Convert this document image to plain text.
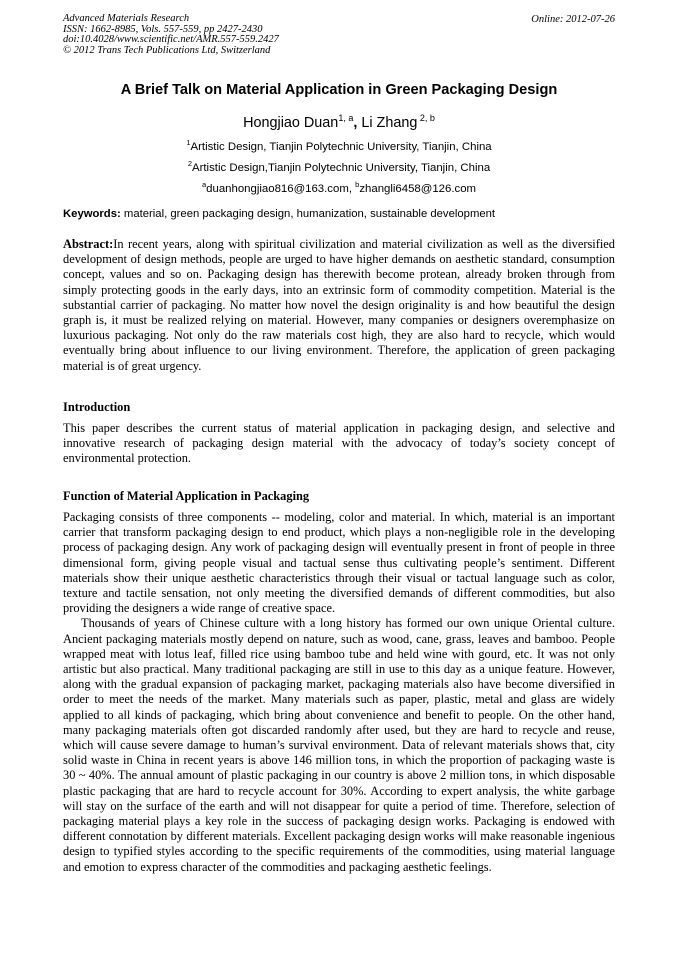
Advanced Materials Research
ISSN: 1662-8985, Vols. 557-559, pp 2427-2430
doi:10.4028/www.scientific.net/AMR.557-559.2427
© 2012 Trans Tech Publications Ltd, Switzerland
Online: 2012-07-26
A Brief Talk on Material Application in Green Packaging Design
Hongjiao Duan$^{1, a}$, Li Zhang $^{2, b}$
$^1$Artistic Design, Tianjin Polytechnic University, Tianjin, China
$^2$Artistic Design,Tianjin Polytechnic University, Tianjin, China
$^a$duanhongjiao816@163.com, $^b$zhangli6458@126.com
Keywords: material, green packaging design, humanization, sustainable development
Abstract:In recent years, along with spiritual civilization and material civilization as well as the diversified development of design methods, people are urged to have higher demands on aesthetic standard, consumption concept, values and so on. Packaging design has therewith become protean, already broken through from simply protecting goods in the early days, into an extrinsic form of commodity competition. Material is the substantial carrier of packaging. No matter how novel the design originality is and how beautiful the design graph is, it must be realized relying on material. However, many companies or designers overemphasize on luxurious packaging. Not only do the raw materials cost high, they are also hard to recycle, which would eventually bring about influence to our living environment. Therefore, the application of green packaging material is of great urgency.
Introduction
This paper describes the current status of material application in packaging design, and selective and innovative research of packaging design material with the advocacy of today’s society concept of environmental protection.
Function of Material Application in Packaging
Packaging consists of three components -- modeling, color and material. In which, material is an important carrier that transform packaging design to end product, which plays a non-negligible role in the developing process of packaging design. Any work of packaging design will eventually present in front of people in three dimensional form, giving people visual and tactual sense thus cultivating people’s sentiment. Different materials show their unique aesthetic characteristics through their visual or tactual language such as color, texture and tactile sensation, not only meeting the diversified demands of different commodities, but also providing the designers a wide range of creative space.
Thousands of years of Chinese culture with a long history has formed our own unique Oriental culture. Ancient packaging materials mostly depend on nature, such as wood, cane, grass, leaves and bamboo. People wrapped meat with lotus leaf, filled rice using bamboo tube and held wine with gourd, etc. It was not only artistic but also practical. Many traditional packaging are still in use to this day as a unique feature. However, along with the gradual expansion of packaging market, packaging materials also have become diversified in order to meet the needs of the market. Many materials such as paper, plastic, metal and glass are widely applied to all kinds of packaging, which bring about convenience and benefit to people. On the other hand, many packaging materials often got discarded randomly after used, but they are hard to recycle and reuse, which will cause severe damage to human’s survival environment. Data of relevant materials shows that, city solid waste in China in recent years is above 146 million tons, in which the proportion of packaging waste is 30 ~ 40%. The annual amount of plastic packaging in our country is above 2 million tons, in which disposable plastic packaging that are hard to recycle account for 30%. According to expert analysis, the white garbage will stay on the surface of the earth and will not disappear for quite a period of time. Therefore, selection of packaging material plays a key role in the success of packaging design works. Packaging is endowed with different connotation by different materials. Excellent packaging design works will make reasonable ingenious design to typified styles according to the specific requirements of the commodities, using material language and emotion to express character of the commodities and packaging aesthetic feelings.
